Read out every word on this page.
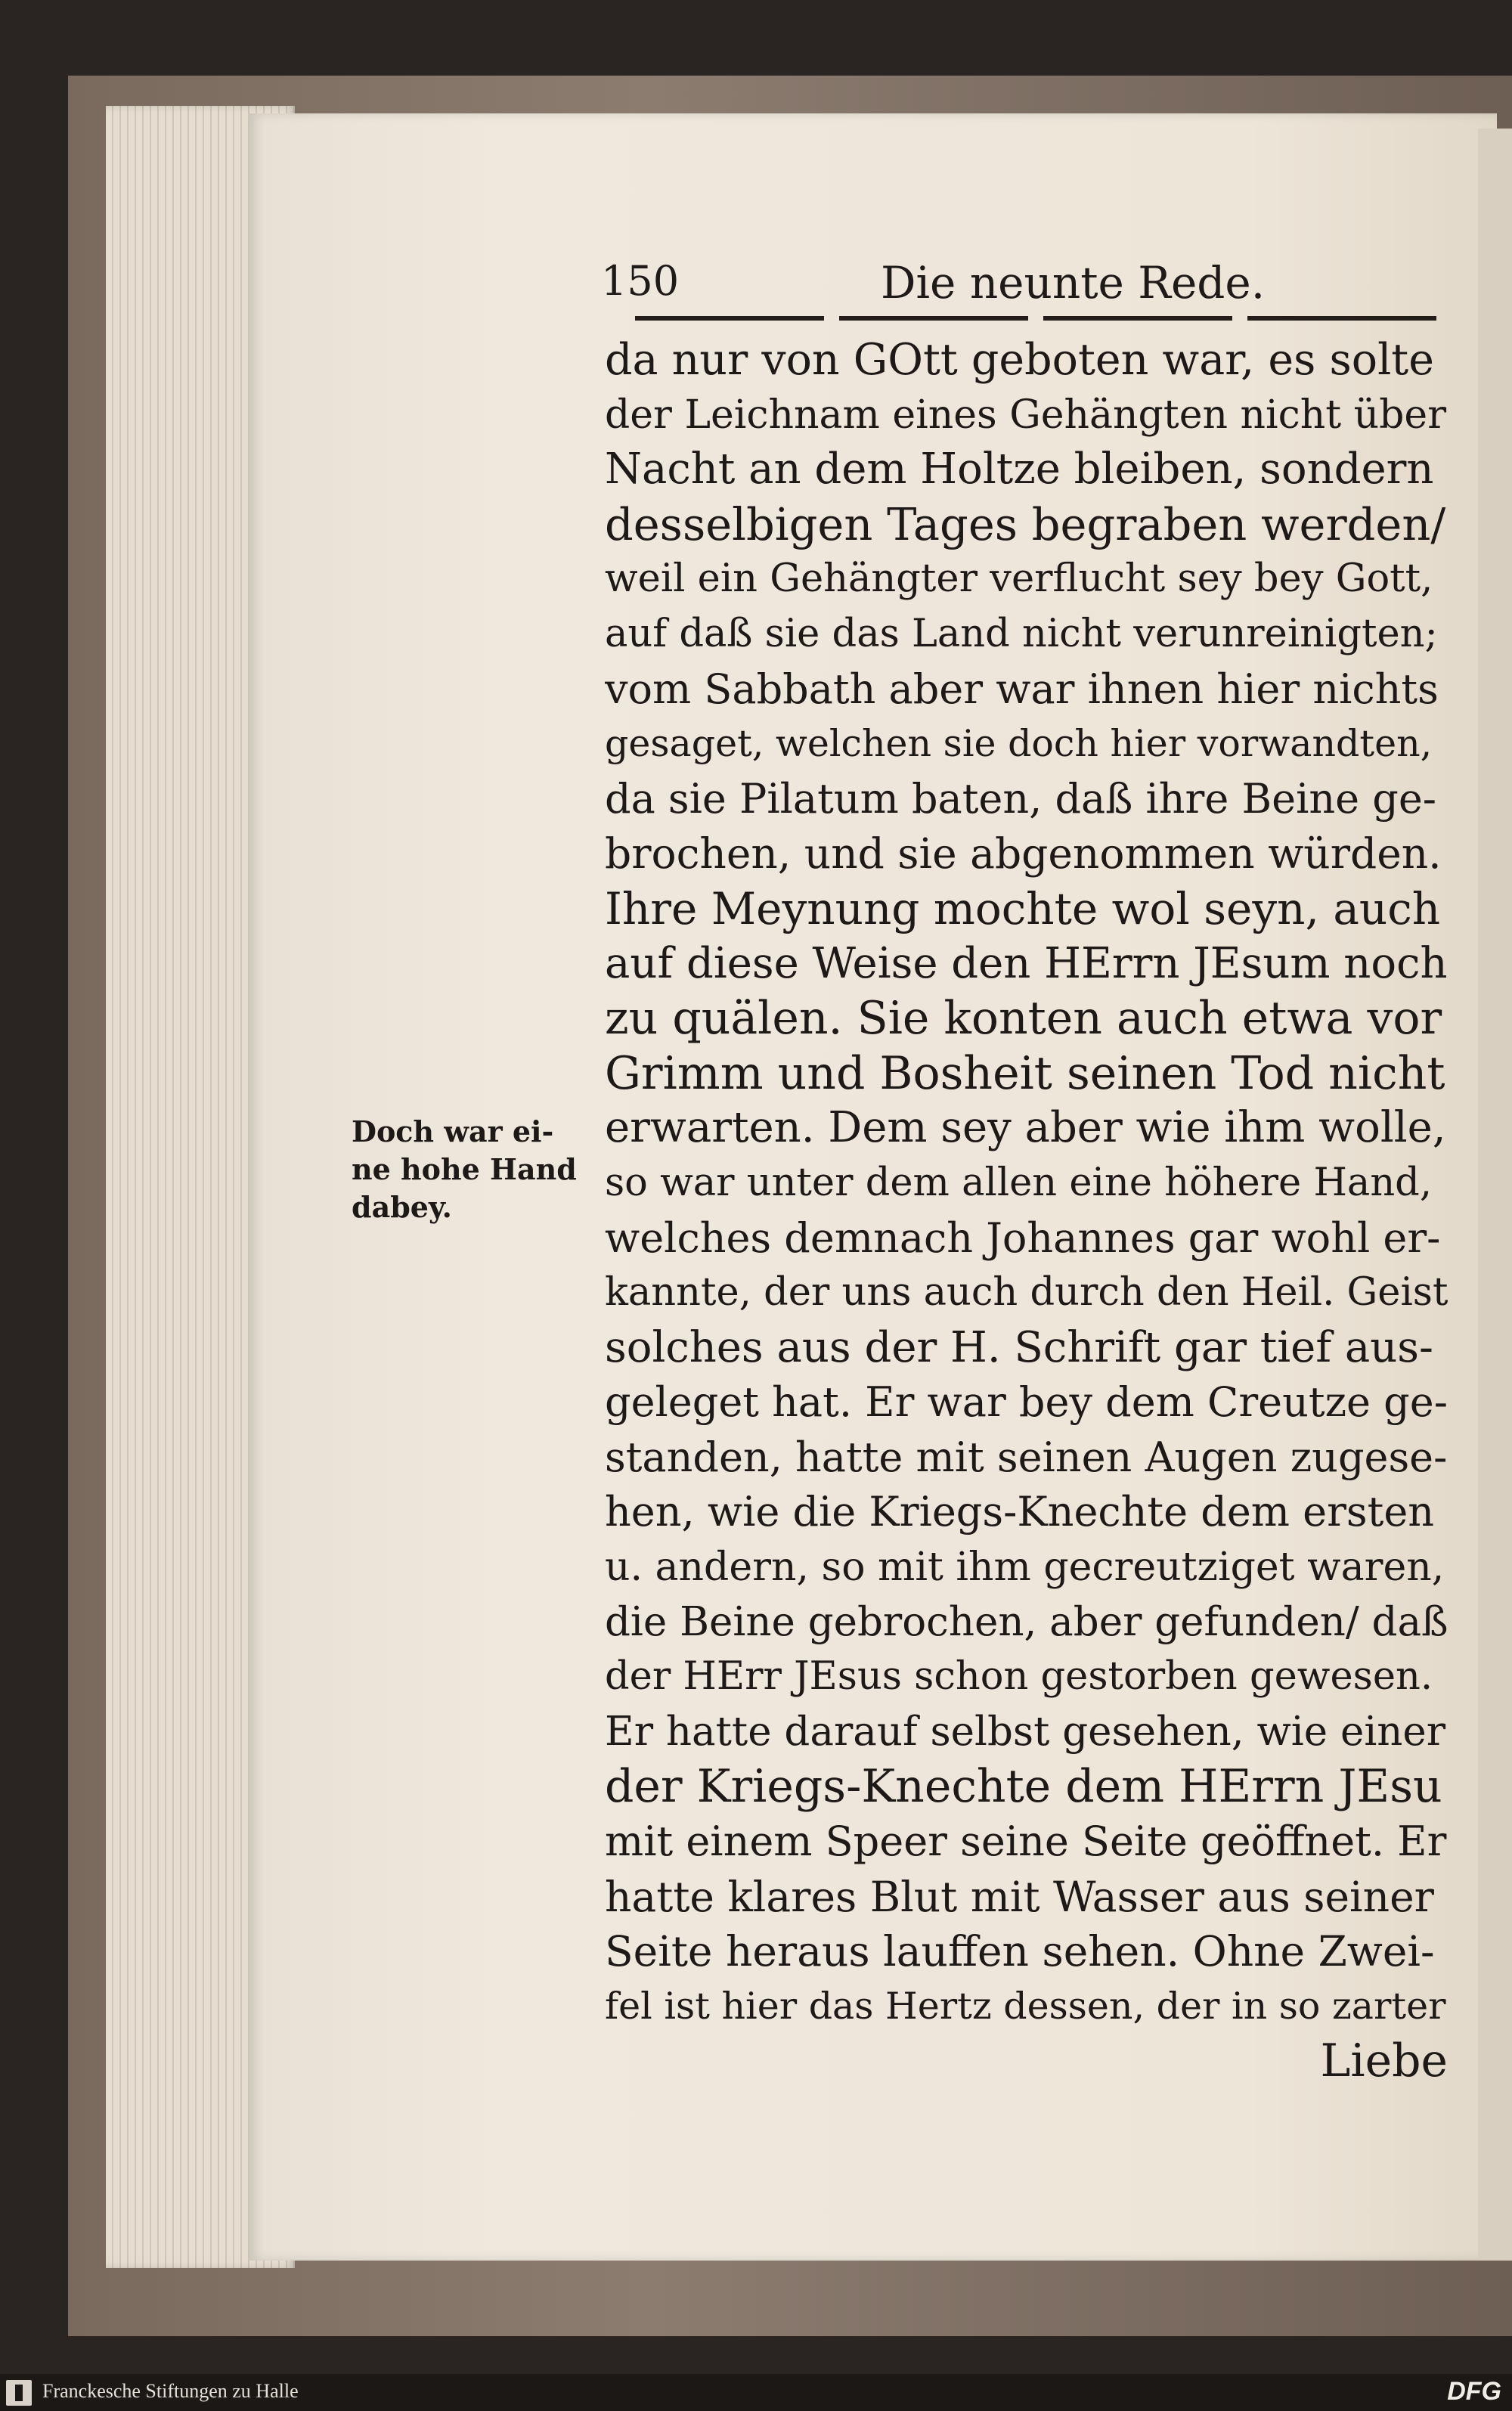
150	Die neunte Rede.
Doch war ei-
ne hohe Hand
dabey.
da nur von GOtt geboten war, es solte
der Leichnam eines Gehängten nicht über
Nacht an dem Holtze bleiben, sondern
desselbigen Tages begraben werden/
weil ein Gehängter verflucht sey bey Gott,
auf daß sie das Land nicht verunreinigten;
vom Sabbath aber war ihnen hier nichts
gesaget, welchen sie doch hier vorwandten,
da sie Pilatum baten, daß ihre Beine ge-
brochen, und sie abgenommen würden.
Ihre Meynung mochte wol seyn, auch
auf diese Weise den HErrn JEsum noch
zu quälen. Sie konten auch etwa vor
Grimm und Bosheit seinen Tod nicht
erwarten. Dem sey aber wie ihm wolle,
so war unter dem allen eine höhere Hand,
welches demnach Johannes gar wohl er-
kannte, der uns auch durch den Heil. Geist
solches aus der H. Schrift gar tief aus-
geleget hat. Er war bey dem Creutze ge-
standen, hatte mit seinen Augen zugese-
hen, wie die Kriegs-Knechte dem ersten
u. andern, so mit ihm gecreutziget waren,
die Beine gebrochen, aber gefunden/ daß
der HErr JEsus schon gestorben gewesen.
Er hatte darauf selbst gesehen, wie einer
der Kriegs-Knechte dem HErrn JEsu
mit einem Speer seine Seite geöffnet. Er
hatte klares Blut mit Wasser aus seiner
Seite heraus lauffen sehen. Ohne Zwei-
fel ist hier das Hertz dessen, der in so zarter
Liebe
Franckesche Stiftungen zu Halle	DFG
